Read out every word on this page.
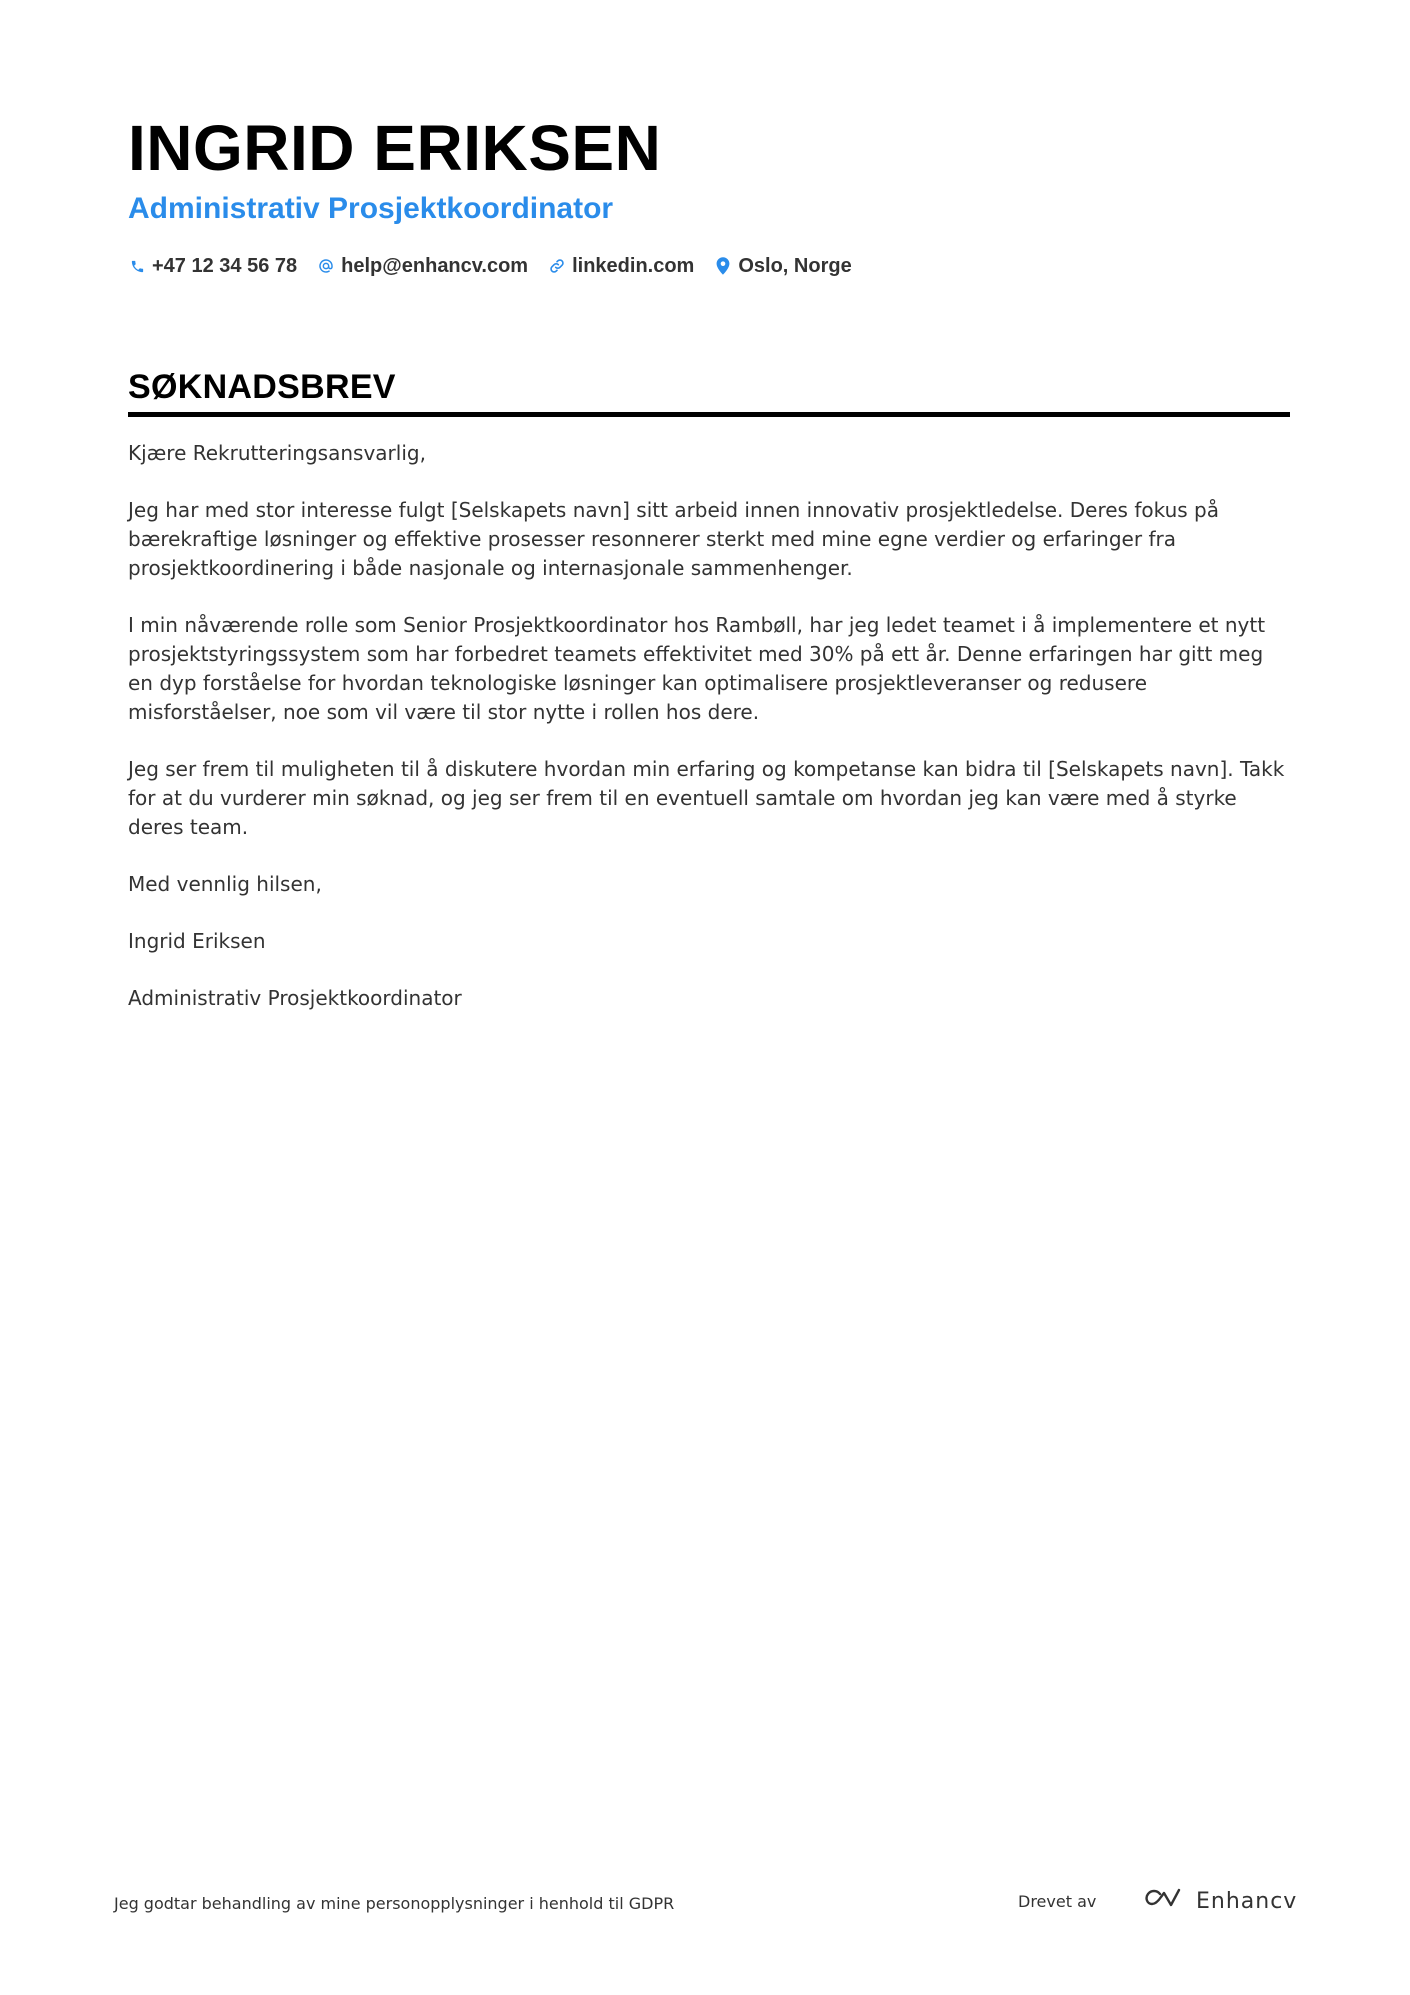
INGRID ERIKSEN
Administrativ Prosjektkoordinator
+47 12 34 56 78 help@enhancv.com linkedin.com Oslo, Norge
SØKNADSBREV

Kjære Rekrutteringsansvarlig,

Jeg har med stor interesse fulgt [Selskapets navn] sitt arbeid innen innovativ prosjektledelse. Deres fokus på bærekraftige løsninger og effektive prosesser resonnerer sterkt med mine egne verdier og erfaringer fra prosjektkoordinering i både nasjonale og internasjonale sammenhenger.

I min nåværende rolle som Senior Prosjektkoordinator hos Rambøll, har jeg ledet teamet i å implementere et nytt prosjektstyringssystem som har forbedret teamets effektivitet med 30% på ett år. Denne erfaringen har gitt meg en dyp forståelse for hvordan teknologiske løsninger kan optimalisere prosjektleveranser og redusere misforståelser, noe som vil være til stor nytte i rollen hos dere.

Jeg ser frem til muligheten til å diskutere hvordan min erfaring og kompetanse kan bidra til [Selskapets navn]. Takk for at du vurderer min søknad, og jeg ser frem til en eventuell samtale om hvordan jeg kan være med å styrke deres team.

Med vennlig hilsen,

Ingrid Eriksen

Administrativ Prosjektkoordinator

Jeg godtar behandling av mine personopplysninger i henhold til GDPR	Drevet av	Enhancv
